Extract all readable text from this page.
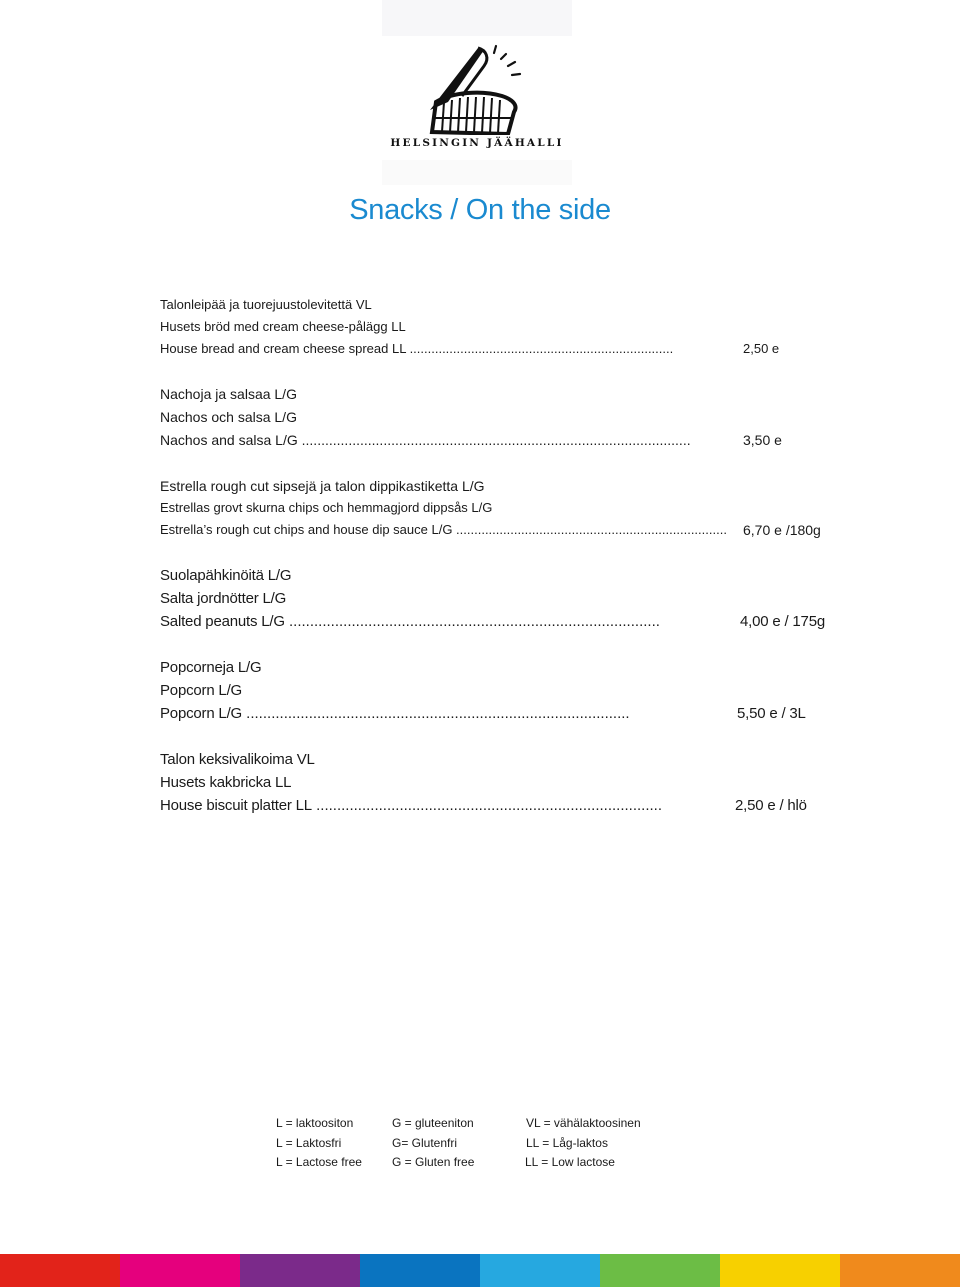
HELSINGIN JÄÄHALLI
Snacks / On the side
Talonleipää ja tuorejuustolevitettä VL
Husets bröd med cream cheese-pålägg LL
House bread and cream cheese spread LL .........................................................................	2,50 e
Nachoja ja salsaa L/G
Nachos och salsa L/G
Nachos and salsa L/G ....................................................................................................	3,50 e
Estrella rough cut sipsejä ja talon dippikastiketta L/G
Estrellas grovt skurna chips och hemmagjord dippsås L/G
Estrella’s rough cut chips and house dip sauce L/G ........................................................................... 6,70 e /180g
Suolapähkinöitä L/G
Salta jordnötter L/G
Salted peanuts L/G .........................................................................................	4,00 e / 175g
Popcorneja L/G
Popcorn L/G
Popcorn L/G ............................................................................................	5,50 e / 3L
Talon keksivalikoima VL
Husets kakbricka LL
House biscuit platter LL ...................................................................................	2,50 e / hlö
L = laktoositon	G = gluteeniton	VL = vähälaktoosinen
L = Laktosfri	G= Glutenfri	LL = Låg-laktos
L = Lactose free	G = Gluten free	LL = Low lactose
